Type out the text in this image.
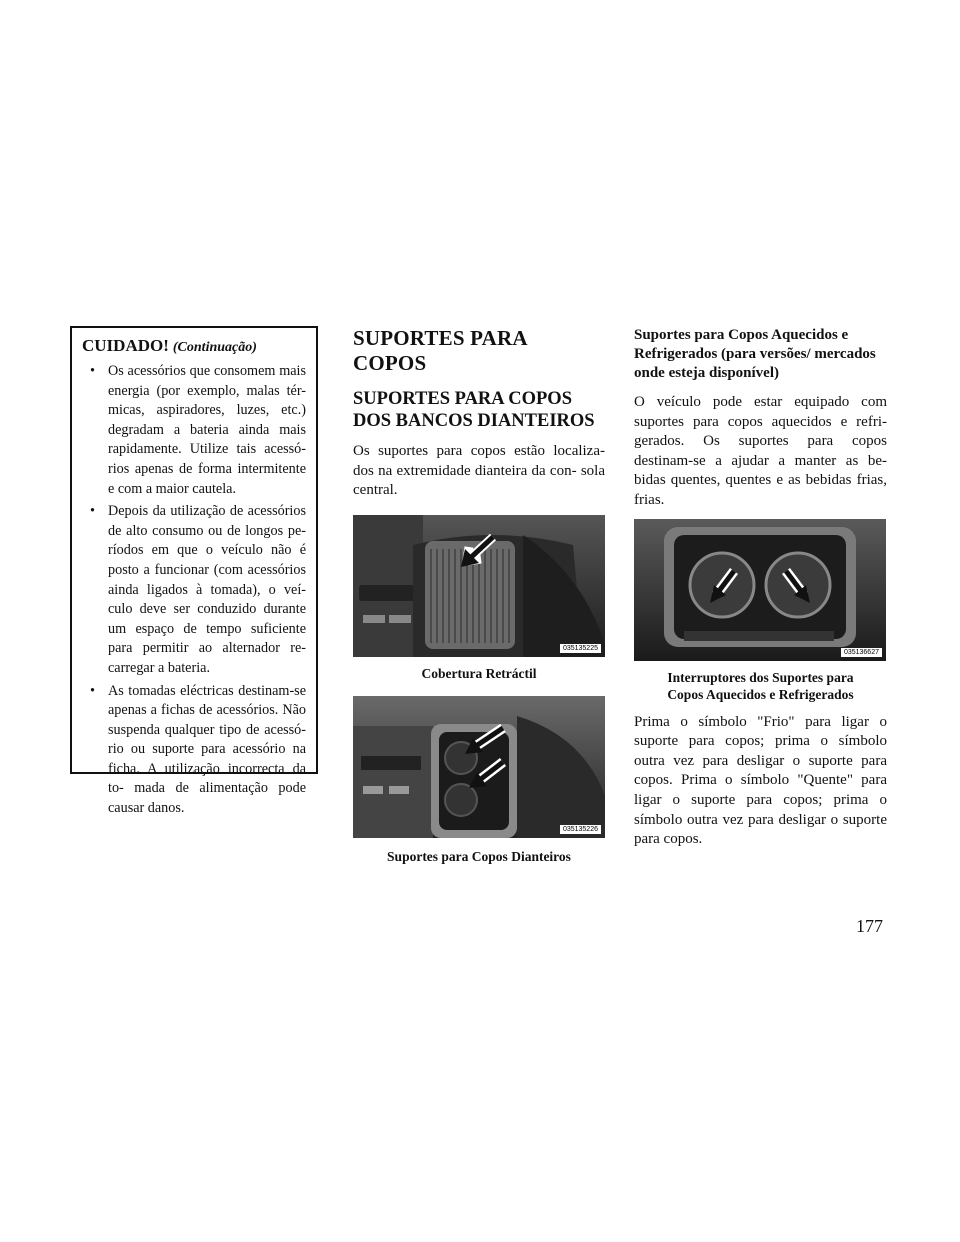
CUIDADO! (Continuação)
• Os acessórios que consomem mais energia (por exemplo, malas tér- micas, aspiradores, luzes, etc.) degradam a bateria ainda mais rapidamente. Utilize tais acessó- rios apenas de forma intermitente e com a maior cautela.
• Depois da utilização de acessórios de alto consumo ou de longos pe- ríodos em que o veículo não é posto a funcionar (com acessórios ainda ligados à tomada), o veí- culo deve ser conduzido durante um espaço de tempo suficiente para permitir ao alternador re- carregar a bateria.
• As tomadas eléctricas destinam-se apenas a fichas de acessórios. Não suspenda qualquer tipo de acessó- rio ou suporte para acessório na ficha. A utilização incorrecta da to- mada de alimentação pode causar danos.
SUPORTES PARA COPOS
SUPORTES PARA COPOS DOS BANCOS DIANTEIROS

Os suportes para copos estão localiza- dos na extremidade dianteira da con- sola central.

035135225
Cobertura Retráctil
035135226
Suportes para Copos Dianteiros
Suportes para Copos Aquecidos e Refrigerados (para versões/ mercados onde esteja disponível)

O veículo pode estar equipado com suportes para copos aquecidos e refri- gerados. Os suportes para copos destinam-se a ajudar a manter as be- bidas quentes, quentes e as bebidas frias, frias.

035136627
Interruptores dos Suportes para Copos Aquecidos e Refrigerados

Prima o símbolo "Frio" para ligar o suporte para copos; prima o símbolo outra vez para desligar o suporte para copos. Prima o símbolo "Quente" para ligar o suporte para copos; prima o símbolo outra vez para desligar o suporte para copos.

177
